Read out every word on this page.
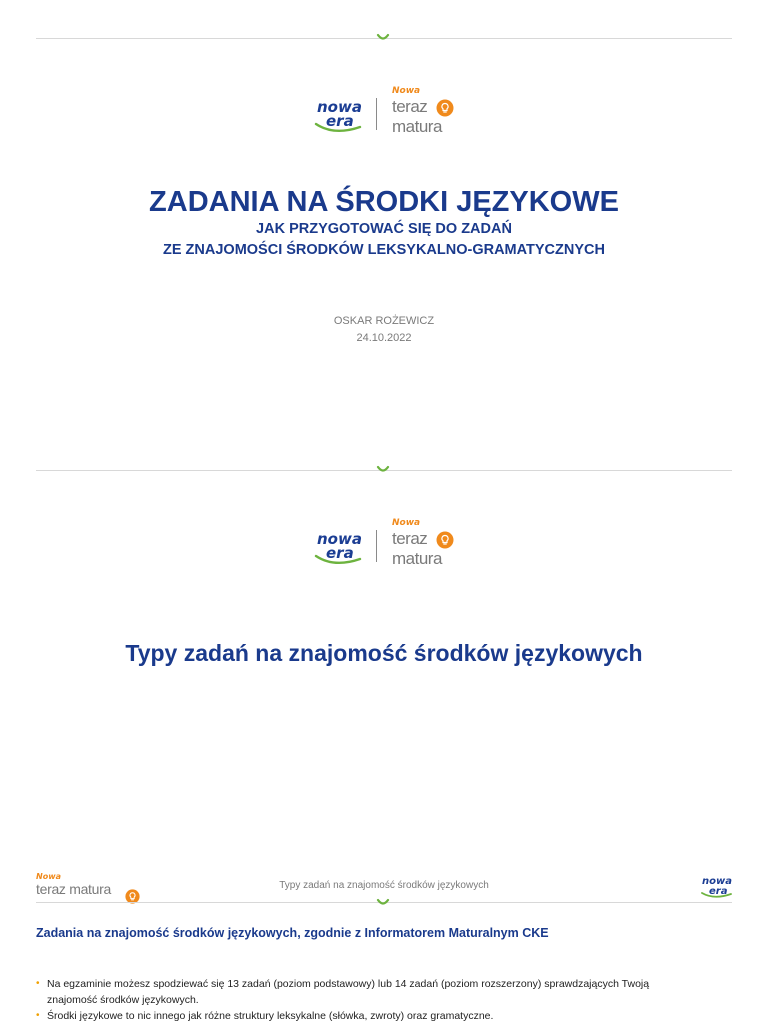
nowa
era
Nowa
teraz
matura
ZADANIA NA ŚRODKI JĘZYKOWE
JAK PRZYGOTOWAĆ SIĘ DO ZADAŃ
ZE ZNAJOMOŚCI ŚRODKÓW LEKSYKALNO-GRAMATYCZNYCH
OSKAR ROŻEWICZ
24.10.2022
nowa
era
Nowa
teraz
matura
Typy zadań na znajomość środków językowych
Nowa
teraz matura	Typy zadań na znajomość środków językowych	nowa
era
Zadania na znajomość środków językowych, zgodnie z Informatorem Maturalnym CKE
• Na egzaminie możesz spodziewać się 13 zadań (poziom podstawowy) lub 14 zadań (poziom rozszerzony) sprawdzających Twoją
znajomość środków językowych.
• Środki językowe to nic innego jak różne struktury leksykalne (słówka, zwroty) oraz gramatyczne.
